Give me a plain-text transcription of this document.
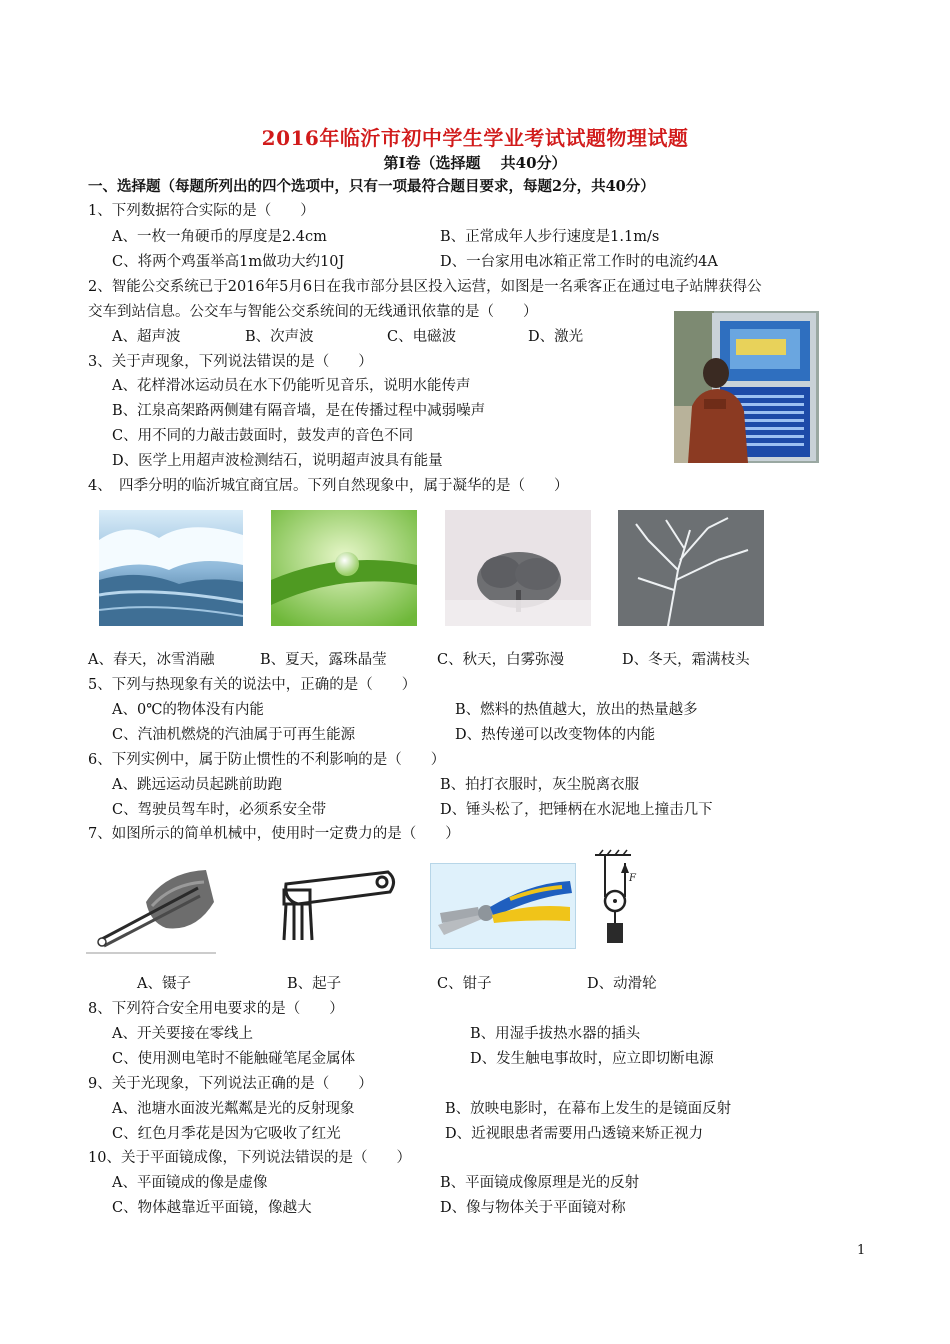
2016年临沂市初中学生学业考试试题物理试题
第Ⅰ卷（选择题　 共40分）
一、选择题（每题所列出的四个选项中，只有一项最符合题目要求，每题2分，共40分）
1、下列数据符合实际的是（　　）
A、一枚一角硬币的厚度是2.4cm	B、正常成年人步行速度是1.1m/s
C、将两个鸡蛋举高1m做功大约10J	D、一台家用电冰箱正常工作时的电流约4A
2、智能公交系统已于2016年5月6日在我市部分县区投入运营，如图是一名乘客正在通过电子站牌获得公
交车到站信息。公交车与智能公交系统间的无线通讯依靠的是（　　）
A、超声波	B、次声波	C、电磁波	D、激光
3、关于声现象，下列说法错误的是（　　）
A、花样滑冰运动员在水下仍能听见音乐，说明水能传声
B、江泉高架路两侧建有隔音墙，是在传播过程中减弱噪声
C、用不同的力敲击鼓面时，鼓发声的音色不同
D、医学上用超声波检测结石，说明超声波具有能量
4、　四季分明的临沂城宜商宜居。下列自然现象中，属于凝华的是（　　）
A、春天，冰雪消融	B、夏天，露珠晶莹	C、秋天，白雾弥漫	D、冬天，霜满枝头
5、下列与热现象有关的说法中，正确的是（　　）
A、0℃的物体没有内能	B、燃料的热值越大，放出的热量越多
C、汽油机燃烧的汽油属于可再生能源	D、热传递可以改变物体的内能
6、下列实例中，属于防止惯性的不利影响的是（　　）
A、跳远运动员起跳前助跑	B、拍打衣服时，灰尘脱离衣服
C、驾驶员驾车时，必须系安全带	D、锤头松了，把锤柄在水泥地上撞击几下
7、如图所示的简单机械中，使用时一定费力的是（　　）
F
A、镊子	B、起子	C、钳子	D、动滑轮
8、下列符合安全用电要求的是（　　）
A、开关要接在零线上	B、用湿手拔热水器的插头
C、使用测电笔时不能触碰笔尾金属体	D、发生触电事故时，应立即切断电源
9、关于光现象，下列说法正确的是（　　）
A、池塘水面波光粼粼是光的反射现象	B、放映电影时，在幕布上发生的是镜面反射
C、红色月季花是因为它吸收了红光	D、近视眼患者需要用凸透镜来矫正视力
10、关于平面镜成像，下列说法错误的是（　　）
A、平面镜成的像是虚像	B、平面镜成像原理是光的反射
C、物体越靠近平面镜，像越大	D、像与物体关于平面镜对称
1
